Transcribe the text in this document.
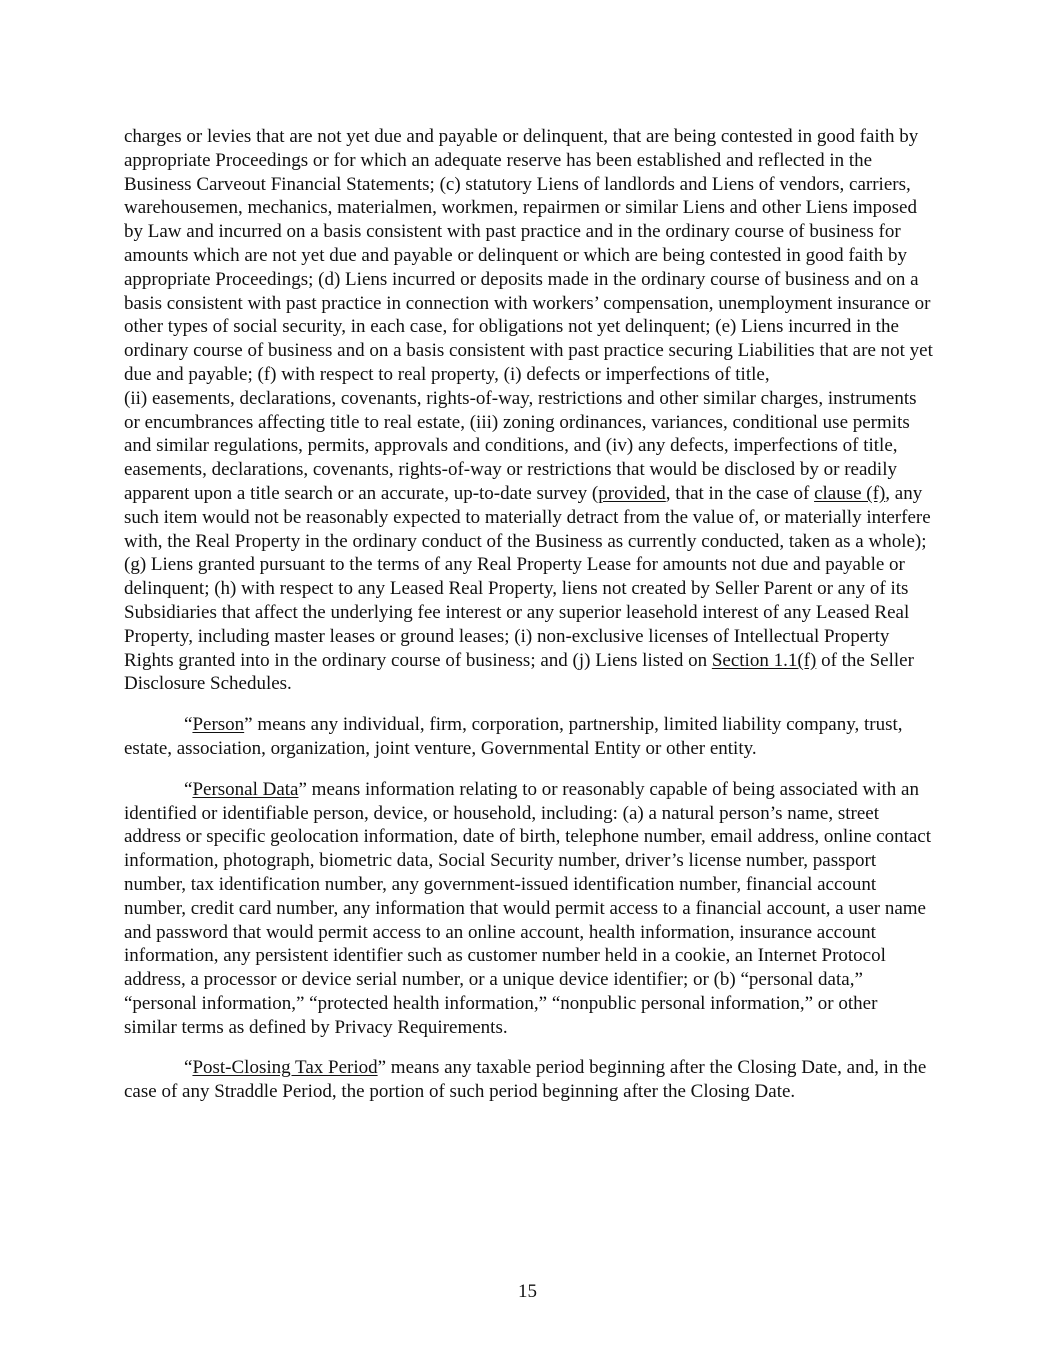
charges or levies that are not yet due and payable or delinquent, that are being contested in good faith by appropriate Proceedings or for which an adequate reserve has been established and reflected in the Business Carveout Financial Statements; (c) statutory Liens of landlords and Liens of vendors, carriers, warehousemen, mechanics, materialmen, workmen, repairmen or similar Liens and other Liens imposed by Law and incurred on a basis consistent with past practice and in the ordinary course of business for amounts which are not yet due and payable or delinquent or which are being contested in good faith by appropriate Proceedings; (d) Liens incurred or deposits made in the ordinary course of business and on a basis consistent with past practice in connection with workers’ compensation, unemployment insurance or other types of social security, in each case, for obligations not yet delinquent; (e) Liens incurred in the ordinary course of business and on a basis consistent with past practice securing Liabilities that are not yet due and payable; (f) with respect to real property, (i) defects or imperfections of title,
(ii) easements, declarations, covenants, rights-of-way, restrictions and other similar charges, instruments or encumbrances affecting title to real estate, (iii) zoning ordinances, variances, conditional use permits and similar regulations, permits, approvals and conditions, and (iv) any defects, imperfections of title, easements, declarations, covenants, rights-of-way or restrictions that would be disclosed by or readily apparent upon a title search or an accurate, up-to-date survey (provided, that in the case of clause (f), any such item would not be reasonably expected to materially detract from the value of, or materially interfere with, the Real Property in the ordinary conduct of the Business as currently conducted, taken as a whole); (g) Liens granted pursuant to the terms of any Real Property Lease for amounts not due and payable or delinquent; (h) with respect to any Leased Real Property, liens not created by Seller Parent or any of its Subsidiaries that affect the underlying fee interest or any superior leasehold interest of any Leased Real Property, including master leases or ground leases; (i) non-exclusive licenses of Intellectual Property Rights granted into in the ordinary course of business; and (j) Liens listed on Section 1.1(f) of the Seller Disclosure Schedules.

“Person” means any individual, firm, corporation, partnership, limited liability company, trust, estate, association, organization, joint venture, Governmental Entity or other entity.

“Personal Data” means information relating to or reasonably capable of being associated with an identified or identifiable person, device, or household, including: (a) a natural person’s name, street address or specific geolocation information, date of birth, telephone number, email address, online contact information, photograph, biometric data, Social Security number, driver’s license number, passport number, tax identification number, any government-issued identification number, financial account number, credit card number, any information that would permit access to a financial account, a user name and password that would permit access to an online account, health information, insurance account information, any persistent identifier such as customer number held in a cookie, an Internet Protocol address, a processor or device serial number, or a unique device identifier; or (b) “personal data,” “personal information,” “protected health information,” “nonpublic personal information,” or other similar terms as defined by Privacy Requirements.

“Post-Closing Tax Period” means any taxable period beginning after the Closing Date, and, in the case of any Straddle Period, the portion of such period beginning after the Closing Date.

15
